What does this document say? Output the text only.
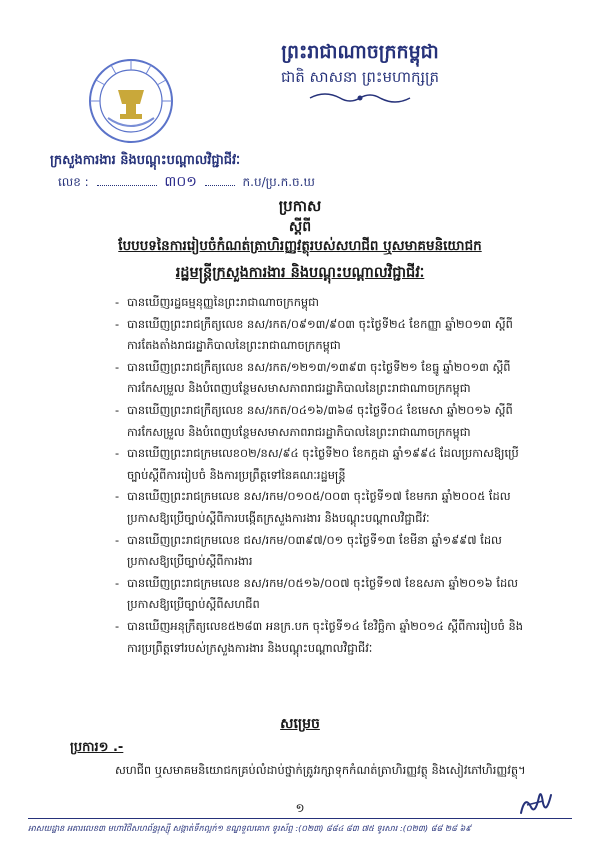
ព្រះរាជាណាចក្រកម្ពុជា
ជាតិ សាសនា ព្រះមហាក្សត្រ
ក្រសួងការងារ និងបណ្តុះបណ្តាលវិជ្ជាជីវៈ
លេខ :	៣០១	ក.ប/ប្រ.ក.ច.ឃ
ប្រកាស
ស្តីពី
បែបបទនៃការរៀបចំកំណត់ត្រាហិរញ្ញវត្ថុរបស់សហជីព ឬសមាគមនិយោជក
រដ្ឋមន្ត្រីក្រសួងការងារ និងបណ្តុះបណ្តាលវិជ្ជាជីវៈ
- បានឃើញរដ្ឋធម្មនុញ្ញនៃព្រះរាជាណាចក្រកម្ពុជា
- បានឃើញព្រះរាជក្រឹត្យលេខ នស/រកត/០៩១៣/៩០៣ ចុះថ្ងៃទី២៤ ខែកញ្ញា ឆ្នាំ២០១៣ ស្តីពី
ការតែងតាំងរាជរដ្ឋាភិបាលនៃព្រះរាជាណាចក្រកម្ពុជា
- បានឃើញព្រះរាជក្រឹត្យលេខ នស/រកត/១២១៣/១៣៩៣ ចុះថ្ងៃទី២១ ខែធ្នូ ឆ្នាំ២០១៣ ស្តីពី
ការកែសម្រួល និងបំពេញបន្ថែមសមាសភាពរាជរដ្ឋាភិបាលនៃព្រះរាជាណាចក្រកម្ពុជា
- បានឃើញព្រះរាជក្រឹត្យលេខ នស/រកត/០៤១៦/៣៦៨ ចុះថ្ងៃទី០៤ ខែមេសា ឆ្នាំ២០១៦ ស្តីពី
ការកែសម្រួល និងបំពេញបន្ថែមសមាសភាពរាជរដ្ឋាភិបាលនៃព្រះរាជាណាចក្រកម្ពុជា
- បានឃើញព្រះរាជក្រមលេខ០២/នស/៩៤ ចុះថ្ងៃទី២០ ខែកក្កដា ឆ្នាំ១៩៩៤ ដែលប្រកាសឱ្យប្រើ
ច្បាប់ស្តីពីការរៀបចំ និងការប្រព្រឹត្តទៅនៃគណៈរដ្ឋមន្ត្រី
- បានឃើញព្រះរាជក្រមលេខ នស/រកម/០១០៥/០០៣ ចុះថ្ងៃទី១៧ ខែមករា ឆ្នាំ២០០៥ ដែល
ប្រកាសឱ្យប្រើច្បាប់ស្តីពីការបង្កើតក្រសួងការងារ និងបណ្តុះបណ្តាលវិជ្ជាជីវៈ
- បានឃើញព្រះរាជក្រមលេខ ជស/រកម/០៣៩៧/០១ ចុះថ្ងៃទី១៣ ខែមីនា ឆ្នាំ១៩៩៧ ដែល
ប្រកាសឱ្យប្រើច្បាប់ស្តីពីការងារ
- បានឃើញព្រះរាជក្រមលេខ នស/រកម/០៥១៦/០០៧ ចុះថ្ងៃទី១៧ ខែឧសភា ឆ្នាំ២០១៦ ដែល
ប្រកាសឱ្យប្រើច្បាប់ស្តីពីសហជីព
- បានឃើញអនុក្រឹត្យលេខ៥២៨៣ អនក្រ.បក ចុះថ្ងៃទី១៤ ខែវិច្ឆិកា ឆ្នាំ២០១៤ ស្តីពីការរៀបចំ និង
ការប្រព្រឹត្តទៅរបស់ក្រសួងការងារ និងបណ្តុះបណ្តាលវិជ្ជាជីវៈ
សម្រេច
ប្រការ១ .-
សហជីព ឬសមាគមនិយោជកគ្រប់លំដាប់ថ្នាក់ត្រូវរក្សាទុកកំណត់ត្រាហិរញ្ញវត្ថុ និងសៀវភៅហិរញ្ញវត្ថុ។
១
អាសយដ្ឋាន អគារលេខ៣ មហាវិថីសហព័ន្ធរុស្ស៊ី សង្កាត់ទឹកល្អក់១ ខណ្ឌទួលគោក ទូរស័ព្ទ :(០២៣) ៨៨៤ ៨៣ ៧៥ ទូរសារ :(០២៣) ៨៨ ២៨ ៦៩
